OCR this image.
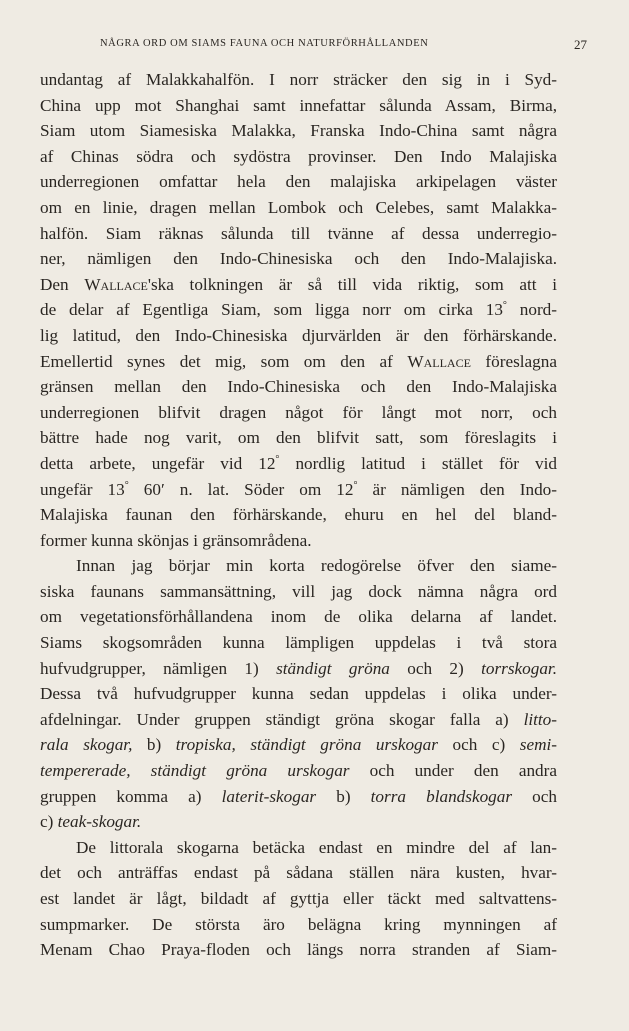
NÅGRA ORD OM SIAMS FAUNA OCH NATURFÖRHÅLLANDEN	27
undantag af Malakkahalfön. I norr sträcker den sig in i Syd-
China upp mot Shanghai samt innefattar sålunda Assam, Birma,
Siam utom Siamesiska Malakka, Franska Indo-China samt några
af Chinas södra och sydöstra provinser. Den Indo Malajiska
underregionen omfattar hela den malajiska arkipelagen väster
om en linie, dragen mellan Lombok och Celebes, samt Malakka-
halfön. Siam räknas sålunda till tvänne af dessa underregio-
ner, nämligen den Indo-Chinesiska och den Indo-Malajiska.
Den Wallace'ska tolkningen är så till vida riktig, som att i
de delar af Egentliga Siam, som ligga norr om cirka 13° nord-
lig latitud, den Indo-Chinesiska djurvärlden är den förhärskande.
Emellertid synes det mig, som om den af Wallace föreslagna
gränsen mellan den Indo-Chinesiska och den Indo-Malajiska
underregionen blifvit dragen något för långt mot norr, och
bättre hade nog varit, om den blifvit satt, som föreslagits i
detta arbete, ungefär vid 12° nordlig latitud i stället för vid
ungefär 13° 60′ n. lat. Söder om 12° är nämligen den Indo-
Malajiska faunan den förhärskande, ehuru en hel del bland-
former kunna skönjas i gränsområdena.
Innan jag börjar min korta redogörelse öfver den siame-
siska faunans sammansättning, vill jag dock nämna några ord
om vegetationsförhållandena inom de olika delarna af landet.
Siams skogsområden kunna lämpligen uppdelas i två stora
hufvudgrupper, nämligen 1) ständigt gröna och 2) torrskogar.
Dessa två hufvudgrupper kunna sedan uppdelas i olika under-
afdelningar. Under gruppen ständigt gröna skogar falla a) litto-
rala skogar, b) tropiska, ständigt gröna urskogar och c) semi-
tempererade, ständigt gröna urskogar och under den andra
gruppen komma a) laterit-skogar b) torra blandskogar och
c) teak-skogar.
De littorala skogarna betäcka endast en mindre del af lan-
det och anträffas endast på sådana ställen nära kusten, hvar-
est landet är lågt, bildadt af gyttja eller täckt med saltvattens-
sumpmarker. De största äro belägna kring mynningen af
Menam Chao Praya-floden och längs norra stranden af Siam-
